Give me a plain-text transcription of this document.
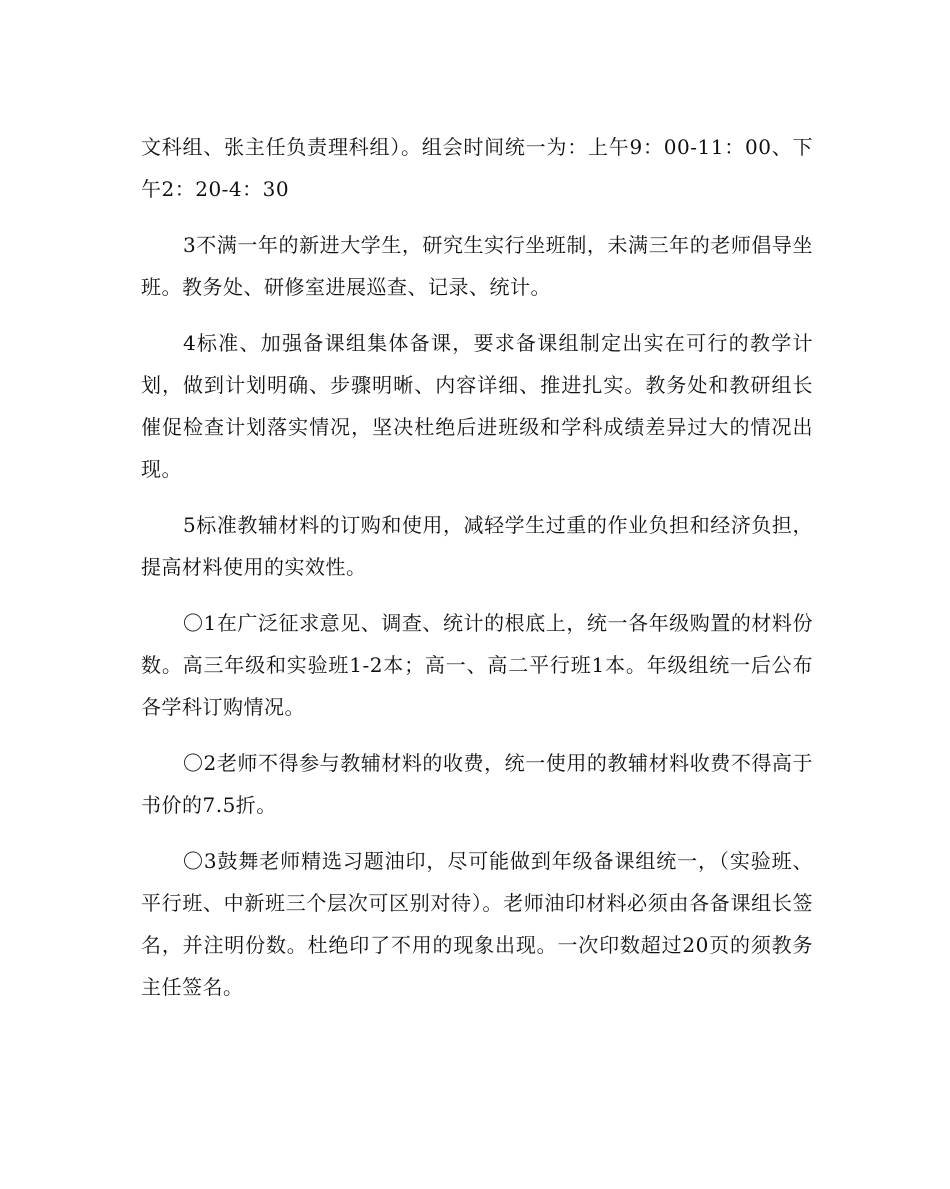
文科组、张主任负责理科组）。组会时间统一为：上午9：00-11：00、下午2：20-4：30

3不满一年的新进大学生，研究生实行坐班制，未满三年的老师倡导坐班。教务处、研修室进展巡查、记录、统计。

4标准、加强备课组集体备课，要求备课组制定出实在可行的教学计划，做到计划明确、步骤明晰、内容详细、推进扎实。教务处和教研组长催促检查计划落实情况，坚决杜绝后进班级和学科成绩差异过大的情况出现。

5标准教辅材料的订购和使用，减轻学生过重的作业负担和经济负担，提高材料使用的实效性。

〇1在广泛征求意见、调查、统计的根底上，统一各年级购置的材料份数。高三年级和实验班1-2本；高一、高二平行班1本。年级组统一后公布各学科订购情况。

〇2老师不得参与教辅材料的收费，统一使用的教辅材料收费不得高于书价的7.5折。

〇3鼓舞老师精选习题油印，尽可能做到年级备课组统一，（实验班、平行班、中新班三个层次可区别对待）。老师油印材料必须由各备课组长签名，并注明份数。杜绝印了不用的现象出现。一次印数超过20页的须教务主任签名。
